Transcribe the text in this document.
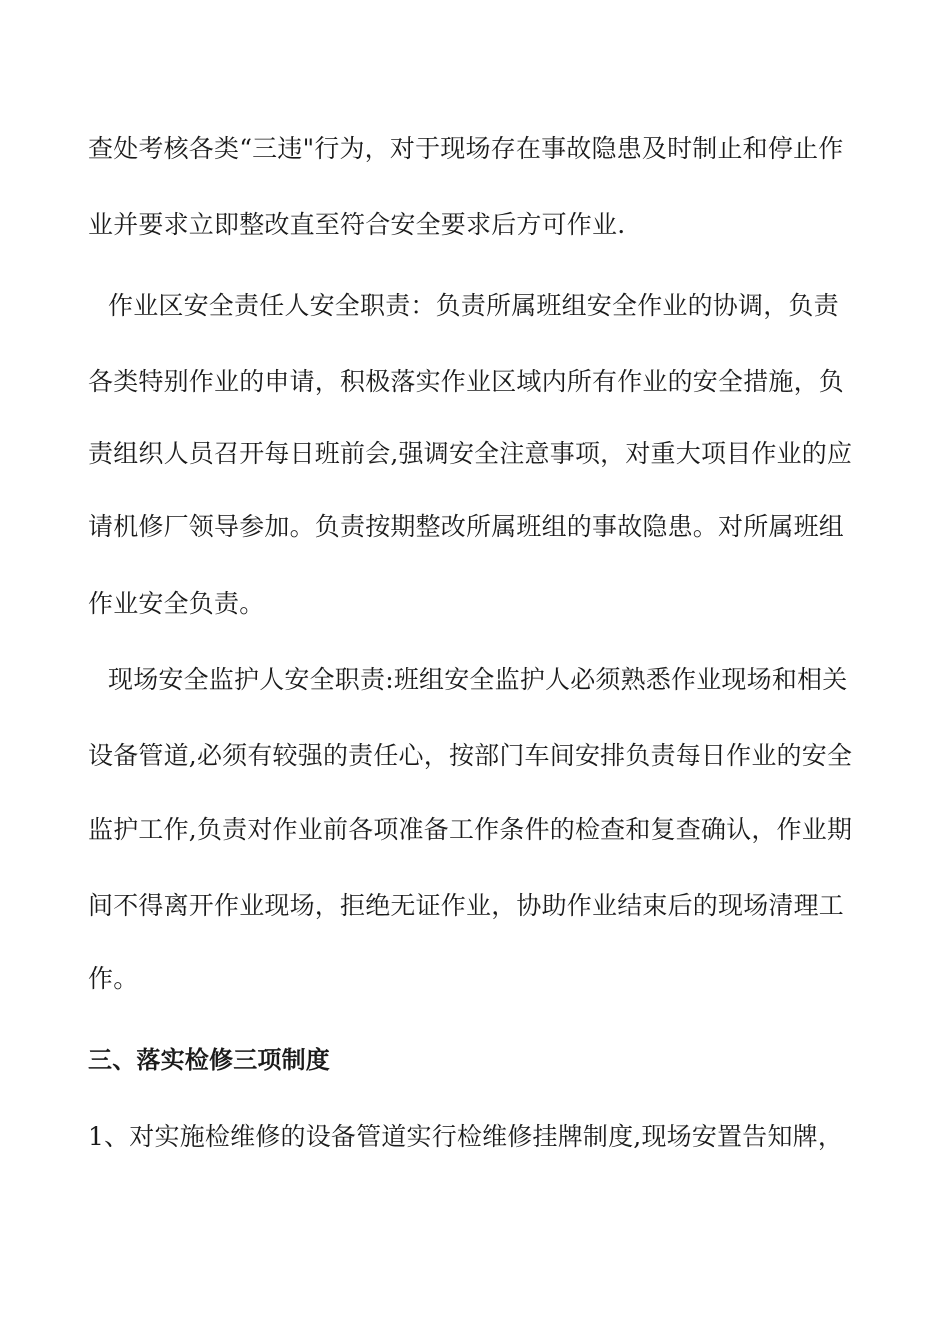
查处考核各类“三违"行为，对于现场存在事故隐患及时制止和停止作
业并要求立即整改直至符合安全要求后方可作业.
作业区安全责任人安全职责：负责所属班组安全作业的协调，负责
各类特别作业的申请，积极落实作业区域内所有作业的安全措施，负
责组织人员召开每日班前会,强调安全注意事项，对重大项目作业的应
请机修厂领导参加。负责按期整改所属班组的事故隐患。对所属班组
作业安全负责。
现场安全监护人安全职责:班组安全监护人必须熟悉作业现场和相关
设备管道,必须有较强的责任心，按部门车间安排负责每日作业的安全
监护工作,负责对作业前各项准备工作条件的检查和复查确认，作业期
间不得离开作业现场，拒绝无证作业，协助作业结束后的现场清理工
作。
三、落实检修三项制度
1、对实施检维修的设备管道实行检维修挂牌制度,现场安置告知牌，
